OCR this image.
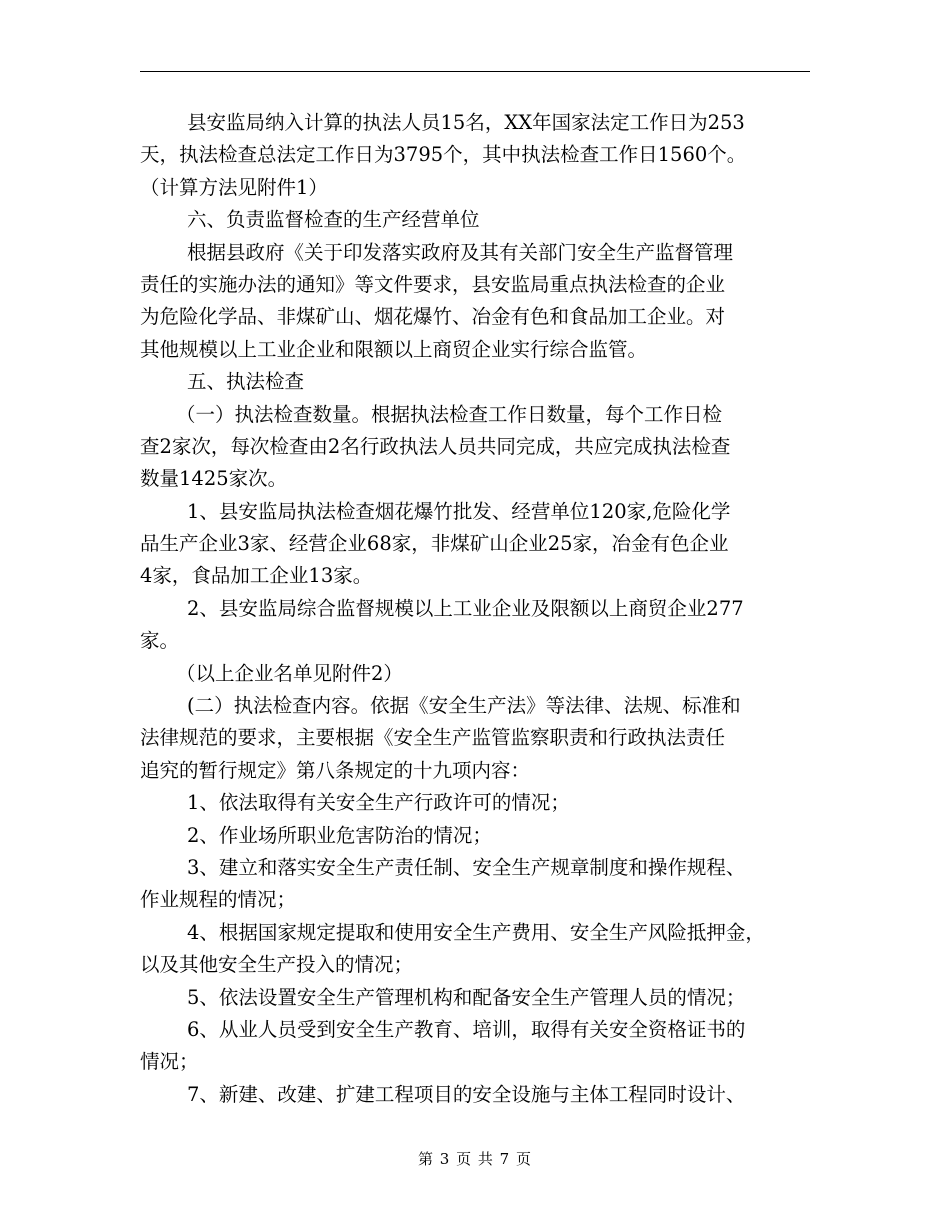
县安监局纳入计算的执法人员15名，XX年国家法定工作日为253
天，执法检查总法定工作日为3795个，其中执法检查工作日1560个。
（计算方法见附件1）
六、负责监督检查的生产经营单位
根据县政府《关于印发落实政府及其有关部门安全生产监督管理
责任的实施办法的通知》等文件要求，县安监局重点执法检查的企业
为危险化学品、非煤矿山、烟花爆竹、冶金有色和食品加工企业。对
其他规模以上工业企业和限额以上商贸企业实行综合监管。
五、执法检查
（一）执法检查数量。根据执法检查工作日数量，每个工作日检
查2家次，每次检查由2名行政执法人员共同完成，共应完成执法检查
数量1425家次。
1、县安监局执法检查烟花爆竹批发、经营单位120家,危险化学
品生产企业3家、经营企业68家，非煤矿山企业25家，冶金有色企业
4家，食品加工企业13家。
2、县安监局综合监督规模以上工业企业及限额以上商贸企业277
家。
（以上企业名单见附件2）
(二）执法检查内容。依据《安全生产法》等法律、法规、标准和
法律规范的要求，主要根据《安全生产监管监察职责和行政执法责任
追究的暂行规定》第八条规定的十九项内容：
1、依法取得有关安全生产行政许可的情况；
2、作业场所职业危害防治的情况；
3、建立和落实安全生产责任制、安全生产规章制度和操作规程、
作业规程的情况；
4、根据国家规定提取和使用安全生产费用、安全生产风险抵押金，
以及其他安全生产投入的情况；
5、依法设置安全生产管理机构和配备安全生产管理人员的情况；
6、从业人员受到安全生产教育、培训，取得有关安全资格证书的
情况；
7、新建、改建、扩建工程项目的安全设施与主体工程同时设计、
第 3 页 共 7 页
